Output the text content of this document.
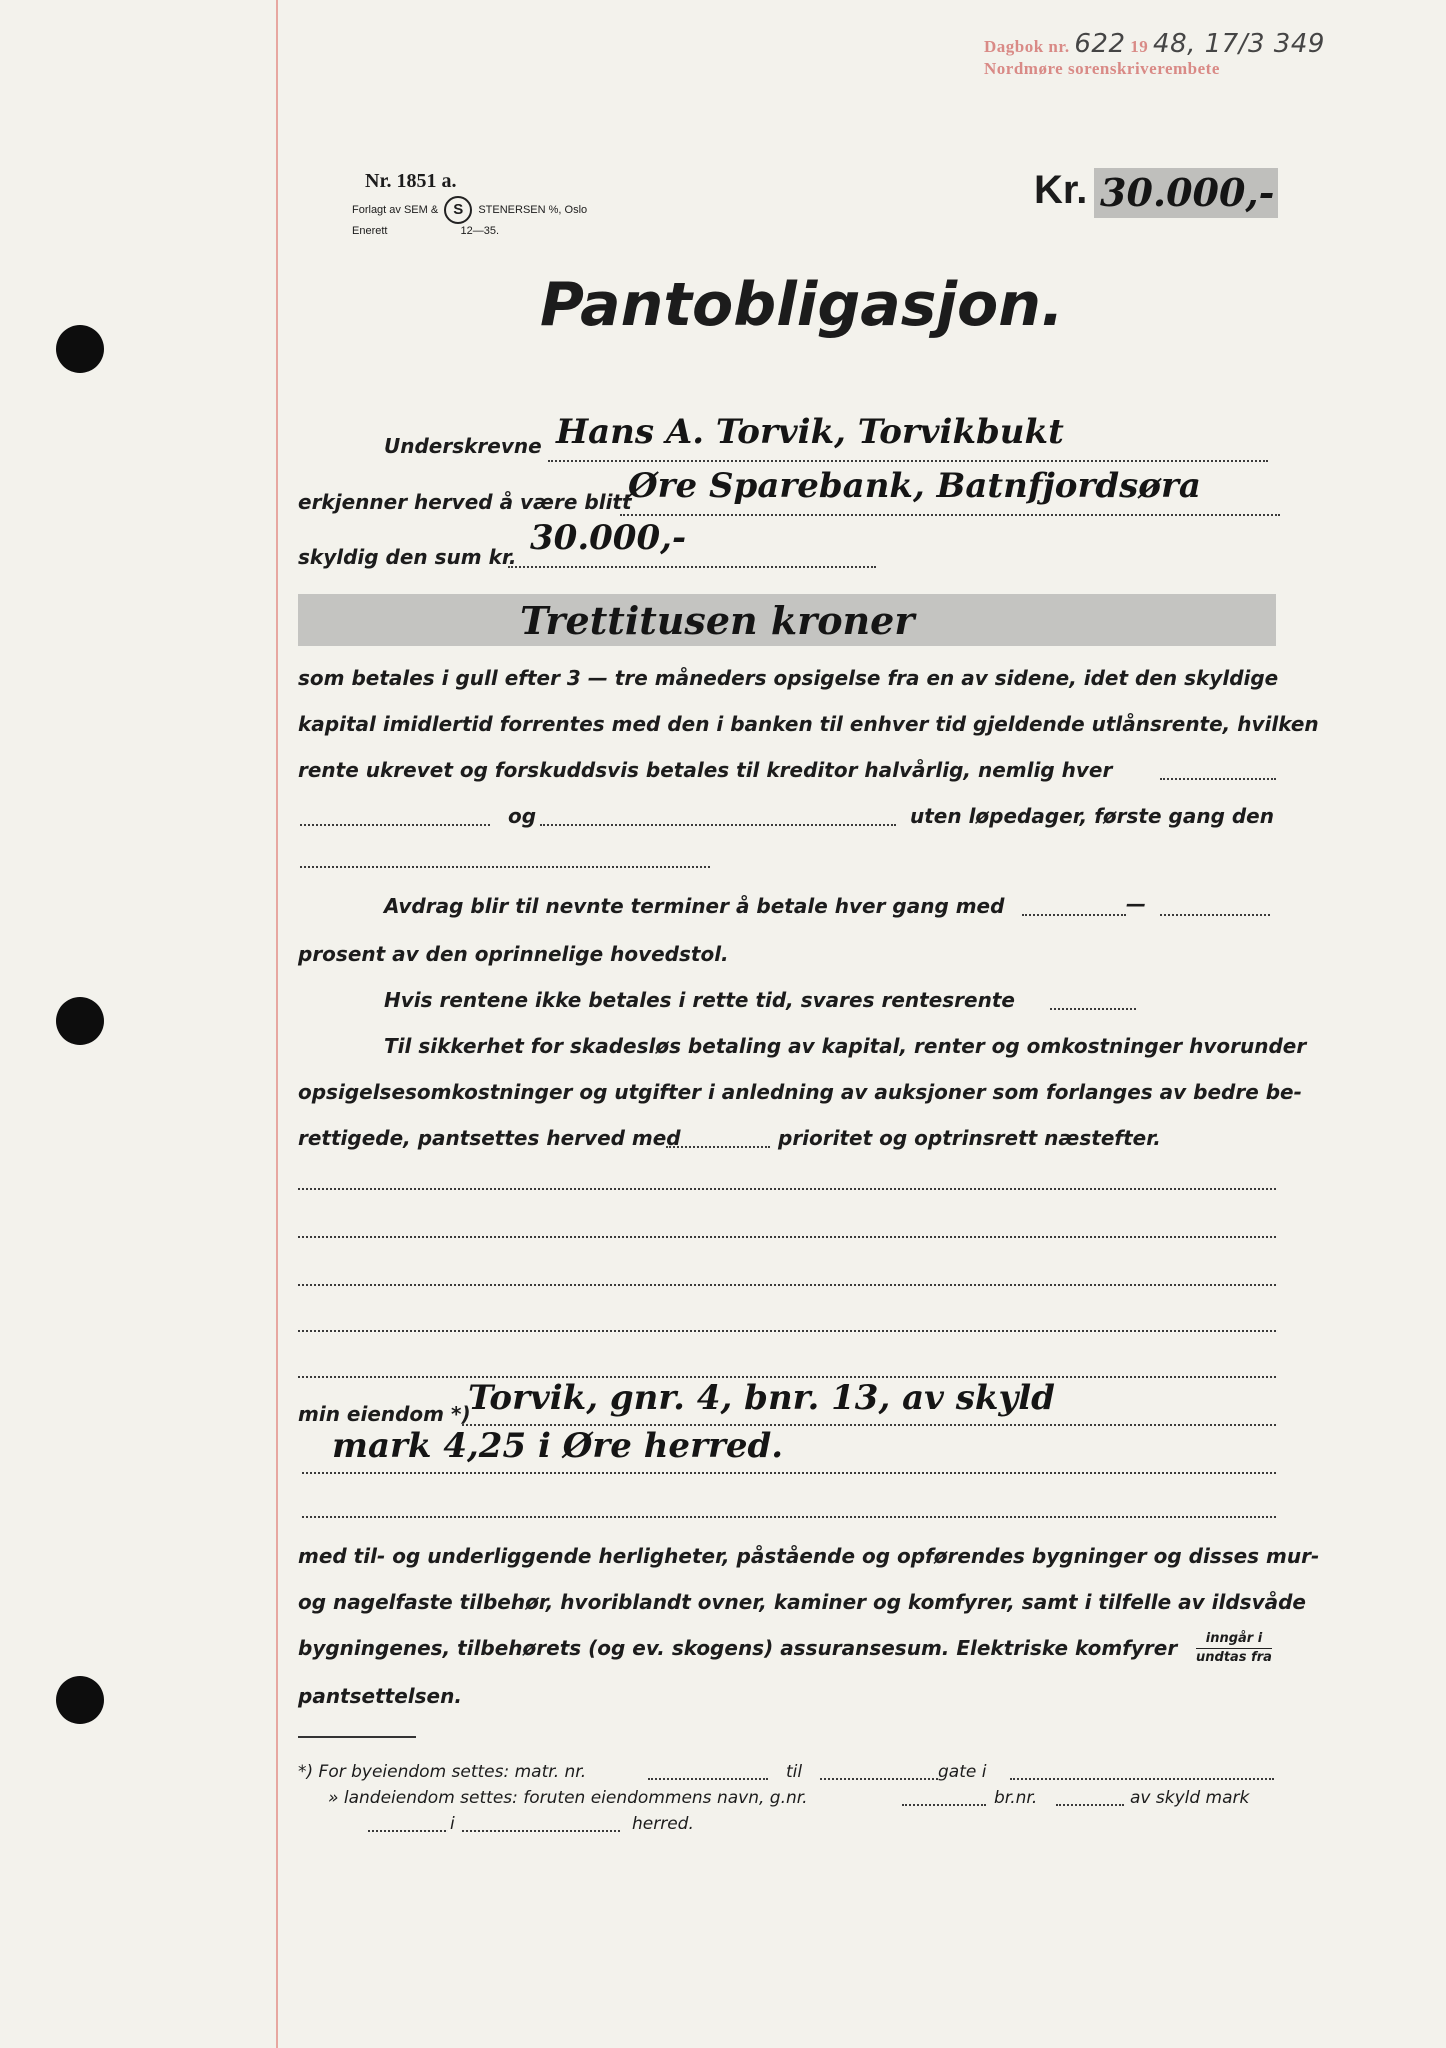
Dagbok nr. 622 19 48, 17/3 349
Nordmøre sorenskriverembete
Nr. 1851 a.
Forlagt av SEM & S STENERSEN %, Oslo
Enerett	12—35.
Kr. 30.000,-
Pantobligasjon.
Underskrevne Hans A. Torvik, Torvikbukt
erkjenner herved å være blitt
Øre Sparebank, Batnfjordsøra
skyldig den sum kr. 30.000,-
Trettitusen kroner
som betales i gull efter 3 — tre måneders opsigelse fra en av sidene, idet den skyldige
kapital imidlertid forrentes med den i banken til enhver tid gjeldende utlånsrente, hvilken
rente ukrevet og forskuddsvis betales til kreditor halvårlig, nemlig hver
og	uten løpedager, første gang den
Avdrag blir til nevnte terminer å betale hver gang med	—
prosent av den oprinnelige hovedstol.
Hvis rentene ikke betales i rette tid, svares rentesrente
Til sikkerhet for skadesløs betaling av kapital, renter og omkostninger hvorunder
opsigelsesomkostninger og utgifter i anledning av auksjoner som forlanges av bedre be-
rettigede, pantsettes herved med	prioritet og optrinsrett næstefter.
min eiendom *)
Torvik, gnr. 4, bnr. 13, av skyld
mark 4,25 i Øre herred.
med til- og underliggende herligheter, påstående og opførendes bygninger og disses mur-
og nagelfaste tilbehør, hvoriblandt ovner, kaminer og komfyrer, samt i tilfelle av ildsvåde
bygningenes, tilbehørets (og ev. skogens) assuransesum. Elektriske komfyrer	inngår i
undtas fra
pantsettelsen.
*) For byeiendom settes: matr. nr.	til	gate i
» landeiendom settes: foruten eiendommens navn, g.nr.	br.nr.	av skyld mark
i	herred.
